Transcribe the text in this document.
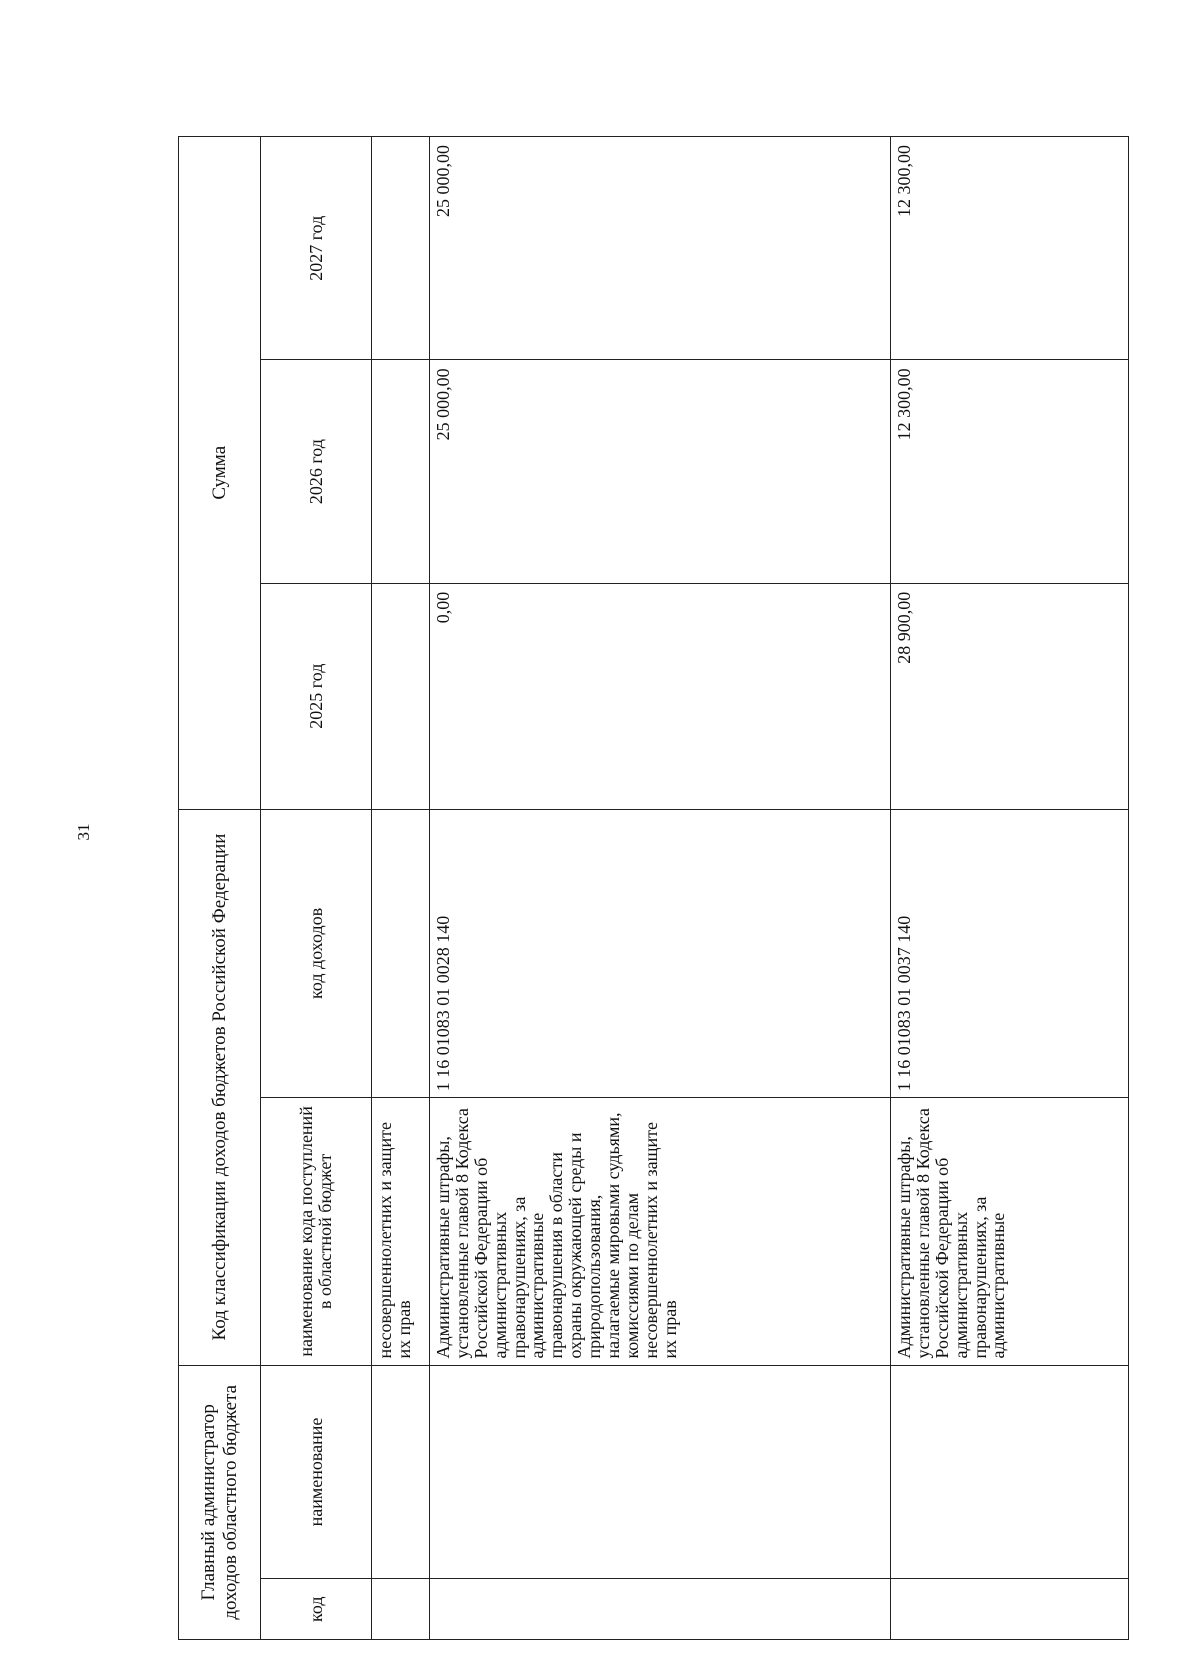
31
Главный администратор доходов областного бюджета		Код классификации доходов бюджетов Российской Федерации		Сумма		
код	наименование	наименование кода поступлений в областной бюджет	код доходов	2025 год	2026 год	2027 год
		несовершеннолетних и защите их прав				
		Административные штрафы, установленные главой 8 Кодекса Российской Федерации об административных правонарушениях, за административные правонарушения в области охраны окружающей среды и природопользования, налагаемые мировыми судьями, комиссиями по делам несовершеннолетних и защите их прав	1 16 01083 01 0028 140	0,00	25 000,00	25 000,00
		Административные штрафы, установленные главой 8 Кодекса Российской Федерации об административных правонарушениях, за административные	1 16 01083 01 0037 140	28 900,00	12 300,00	12 300,00
